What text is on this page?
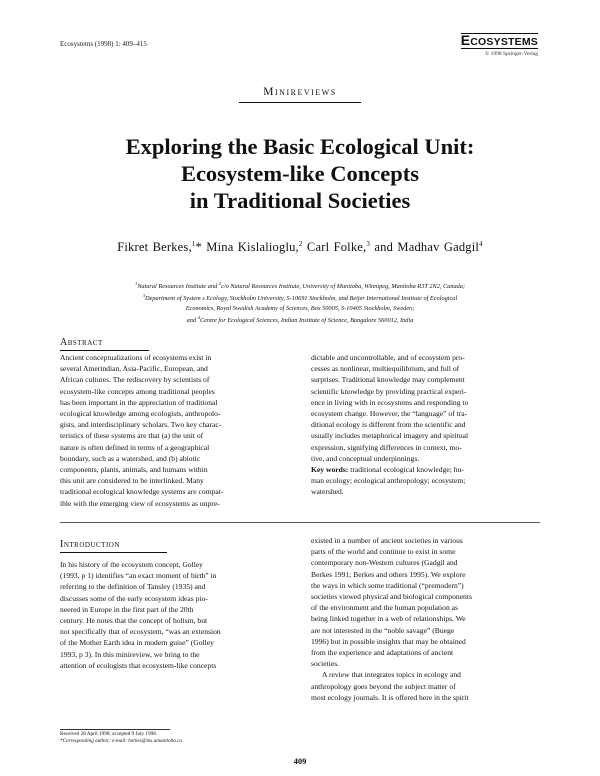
Ecosystems (1998) 1: 409–415	ECOSYSTEMS
© 1998 Springer-Verlag
Minireviews
Exploring the Basic Ecological Unit:
Ecosystem-like Concepts
in Traditional Societies
Fikret Berkes,$^1$* Mina Kislalioglu,$^2$ Carl Folke,$^3$ and Madhav Gadgil$^4$
$^1$Natural Resources Institute and $^2$c/o Natural Resources Institute, University of Manitoba, Winnipeg, Manitoba R3T 2N2, Canada;
$^3$Department of System s Ecology, Stockholm University, S-10691 Stockholm, and Beijer International Institute of Ecological
Economics, Royal Swedish Academy of Sciences, Box 50005, S-10405 Stockholm, Sweden;
and $^4$Centre for Ecological Sciences, Indian Institute of Science, Bangalore 560012, India
Abstract
Ancient conceptualizations of ecosystems exist in
several Amerindian, Asia-Pacific, European, and
African cultures. The rediscovery by scientists of
ecosystem-like concepts among traditional peoples
has been important in the appreciation of traditional
ecological knowledge among ecologists, anthropolo-
gists, and interdisciplinary scholars. Two key charac-
teristics of these systems are that (a) the unit of
nature is often defined in terms of a geographical
boundary, such as a watershed, and (b) abiotic
components, plants, animals, and humans within
this unit are considered to be interlinked. Many
traditional ecological knowledge systems are compat-
ible with the emerging view of ecosystems as unpre-
dictable and uncontrollable, and of ecosystem pro-
cesses as nonlinear, multiequilibrium, and full of
surprises. Traditional knowledge may complement
scientific knowledge by providing practical experi-
ence in living with in ecosystems and responding to
ecosystem change. However, the “language” of tra-
ditional ecology is different from the scientific and
usually includes metaphorical imagery and spiritual
expression, signifying differences in context, mo-
tive, and conceptual underpinnings.
Key words: traditional ecological knowledge; hu-
man ecology; ecological anthropology; ecosystem;
watershed.
Introduction
In his history of the ecosystem concept, Golley
(1993, p 1) identifies “an exact moment of birth” in
referring to the definition of Tansley (1935) and
discusses some of the early ecosystem ideas pio-
neered in Europe in the first part of the 20th
century. He notes that the concept of holism, but
not specifically that of ecosystem, “was an extension
of the Mother Earth idea in modern guise” (Golley
1993, p 3). In this minireview, we bring to the
attention of ecologists that ecosystem-like concepts
existed in a number of ancient societies in various
parts of the world and continue to exist in some
contemporary non-Western cultures (Gadgil and
Berkes 1991; Berkes and others 1995). We explore
the ways in which some traditional (“premodern”)
societies viewed physical and biological components
of the environment and the human population as
being linked together in a web of relationships. We
are not interested in the “noble savage” (Buege
1996) but in possible insights that may be obtained
from the experience and adaptations of ancient
societies.
A review that integrates topics in ecology and
anthropology goes beyond the subject matter of
most ecology journals. It is offered here in the spirit
Received 28 April 1998; accepted 9 July 1998.
*Corresponding author; e-mail: berkes@ms.umanitoba.ca
409
